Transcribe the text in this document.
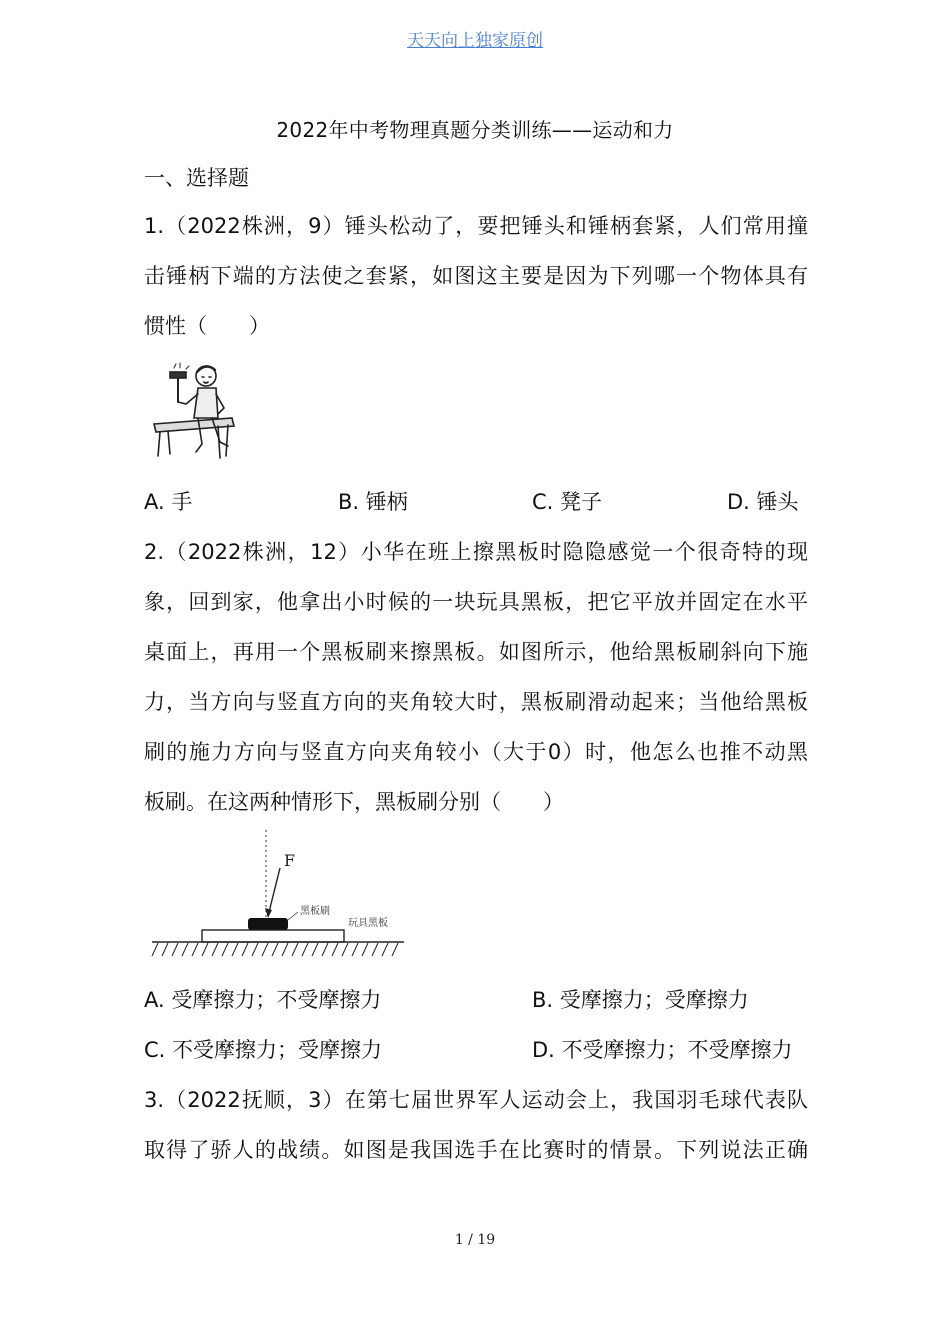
天天向上独家原创
2022年中考物理真题分类训练——运动和力
一、选择题
1.（2022株洲，9）锤头松动了，要把锤头和锤柄套紧，人们常用撞
击锤柄下端的方法使之套紧，如图这主要是因为下列哪一个物体具有
惯性（　　）
A. 手	B. 锤柄	C. 凳子	D. 锤头
2.（2022株洲，12）小华在班上擦黑板时隐隐感觉一个很奇特的现
象，回到家，他拿出小时候的一块玩具黑板，把它平放并固定在水平
桌面上，再用一个黑板刷来擦黑板。如图所示，他给黑板刷斜向下施
力，当方向与竖直方向的夹角较大时，黑板刷滑动起来；当他给黑板
刷的施力方向与竖直方向夹角较小（大于0）时，他怎么也推不动黑
板刷。在这两种情形下，黑板刷分别（　　）
F
黑板刷
玩具黑板
A. 受摩擦力；不受摩擦力	B. 受摩擦力；受摩擦力
C. 不受摩擦力；受摩擦力	D. 不受摩擦力；不受摩擦力
3.（2022抚顺，3）在第七届世界军人运动会上，我国羽毛球代表队
取得了骄人的战绩。如图是我国选手在比赛时的情景。下列说法正确
1 / 19
